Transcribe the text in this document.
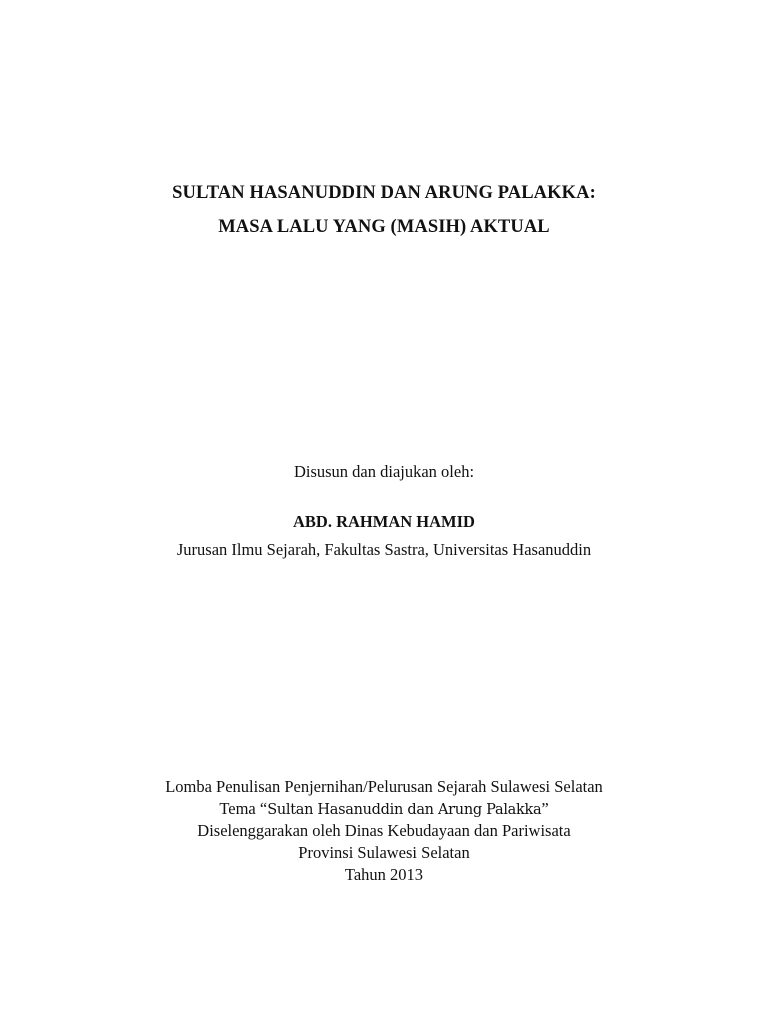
SULTAN HASANUDDIN DAN ARUNG PALAKKA:
MASA LALU YANG (MASIH) AKTUAL
Disusun dan diajukan oleh:
ABD. RAHMAN HAMID
Jurusan Ilmu Sejarah, Fakultas Sastra, Universitas Hasanuddin
Lomba Penulisan Penjernihan/Pelurusan Sejarah Sulawesi Selatan
Tema “Sultan Hasanuddin dan Arung Palakka”
Diselenggarakan oleh Dinas Kebudayaan dan Pariwisata
Provinsi Sulawesi Selatan
Tahun 2013
